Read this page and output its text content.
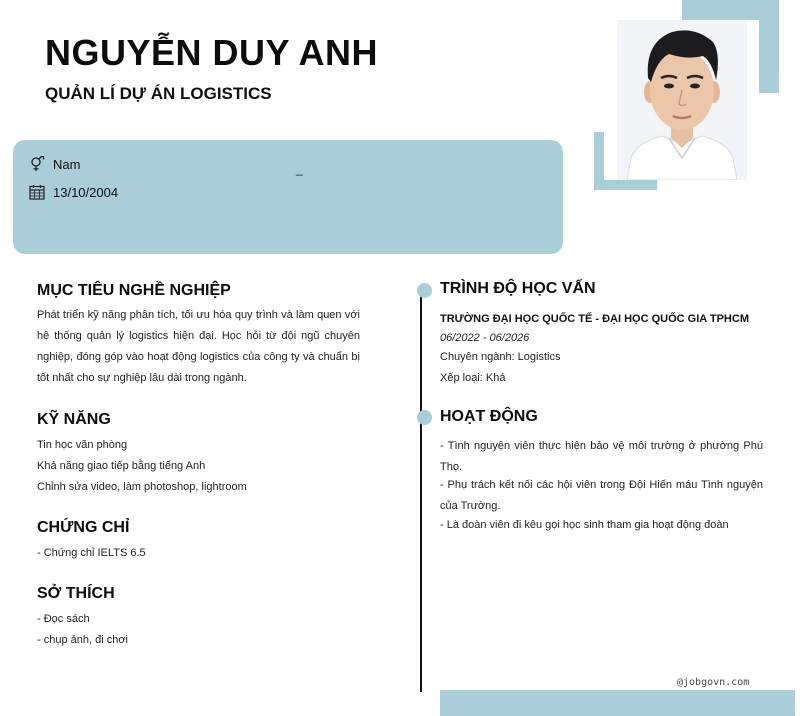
NGUYỄN DUY ANH
QUẢN LÍ DỰ ÁN LOGISTICS
Nam
13/10/2004
_
MỤC TIÊU NGHỀ NGHIỆP
Phát triển kỹ năng phân tích, tối ưu hóa quy trình và làm quen với hệ thống quản lý logistics hiện đại. Học hỏi từ đội ngũ chuyên nghiệp, đóng góp vào hoạt động logistics của công ty và chuẩn bị tốt nhất cho sự nghiệp lâu dài trong ngành.
KỸ NĂNG
Tin học văn phòng
Khả năng giao tiếp bằng tiếng Anh
Chỉnh sửa video, làm photoshop, lightroom
CHỨNG CHỈ
- Chứng chỉ IELTS 6.5
SỞ THÍCH
- Đọc sách
- chụp ảnh, đi chơi
TRÌNH ĐỘ HỌC VẤN
TRƯỜNG ĐẠI HỌC QUỐC TẾ - ĐẠI HỌC QUỐC GIA TPHCM
06/2022 - 06/2026
Chuyên ngành: Logistics
Xếp loại: Khá
HOẠT ĐỘNG
- Tình nguyện viên thực hiện bảo vệ môi trường ở phường Phú Thọ.
- Phụ trách kết nối các hội viên trong Đội Hiến máu Tình nguyện của Trường.
- Là đoàn viên đi kêu gọi học sinh tham gia hoạt động đoàn
@jobgovn.com
